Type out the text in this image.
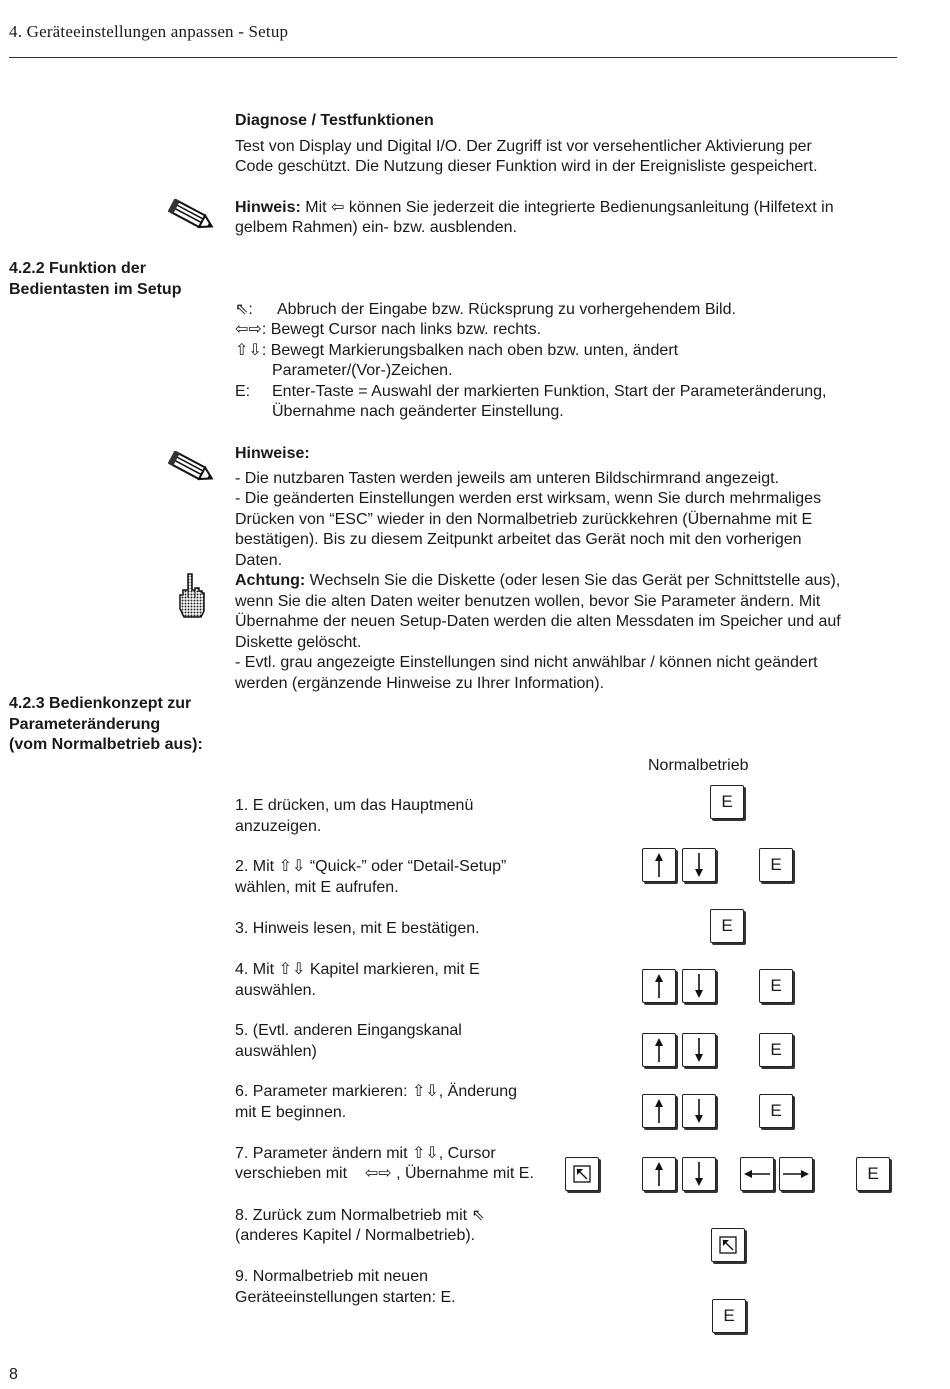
4. Geräteeinstellungen anpassen - Setup
Diagnose / Testfunktionen
Test von Display und Digital I/O. Der Zugriff ist vor versehentlicher Aktivierung per
Code geschützt. Die Nutzung dieser Funktion wird in der Ereignisliste gespeichert.
Hinweis: Mit ⇦ können Sie jederzeit die integrierte Bedienungsanleitung (Hilfetext in
gelbem Rahmen) ein- bzw. ausblenden.
4.2.2 Funktion der
Bedientasten im Setup
⇖: Abbruch der Eingabe bzw. Rücksprung zu vorhergehendem Bild.
⇦⇨: Bewegt Cursor nach links bzw. rechts.
⇧⇩: Bewegt Markierungsbalken nach oben bzw. unten, ändert
Parameter/(Vor-)Zeichen.
E: Enter-Taste = Auswahl der markierten Funktion, Start der Parameteränderung,
Übernahme nach geänderter Einstellung.
Hinweise:
- Die nutzbaren Tasten werden jeweils am unteren Bildschirmrand angezeigt.
- Die geänderten Einstellungen werden erst wirksam, wenn Sie durch mehrmaliges
Drücken von “ESC” wieder in den Normalbetrieb zurückkehren (Übernahme mit E
bestätigen). Bis zu diesem Zeitpunkt arbeitet das Gerät noch mit den vorherigen
Daten.
Achtung: Wechseln Sie die Diskette (oder lesen Sie das Gerät per Schnittstelle aus),
wenn Sie die alten Daten weiter benutzen wollen, bevor Sie Parameter ändern. Mit
Übernahme der neuen Setup-Daten werden die alten Messdaten im Speicher und auf
Diskette gelöscht.
- Evtl. grau angezeigte Einstellungen sind nicht anwählbar / können nicht geändert
werden (ergänzende Hinweise zu Ihrer Information).
4.2.3 Bedienkonzept zur
Parameteränderung
(vom Normalbetrieb aus):
Normalbetrieb
1. E drücken, um das Hauptmenü
anzuzeigen.
2. Mit ⇧⇩ “Quick-” oder “Detail-Setup”
wählen, mit E aufrufen.
3. Hinweis lesen, mit E bestätigen.
4. Mit ⇧⇩ Kapitel markieren, mit E
auswählen.
5. (Evtl. anderen Eingangskanal
auswählen)
6. Parameter markieren: ⇧⇩, Änderung
mit E beginnen.
7. Parameter ändern mit ⇧⇩, Cursor
verschieben mit    ⇦⇨ , Übernahme mit E.
8. Zurück zum Normalbetrieb mit ⇖
(anderes Kapitel / Normalbetrieb).
9. Normalbetrieb mit neuen
Geräteeinstellungen starten: E.
E
E
E
E
E
E
E
E
8
